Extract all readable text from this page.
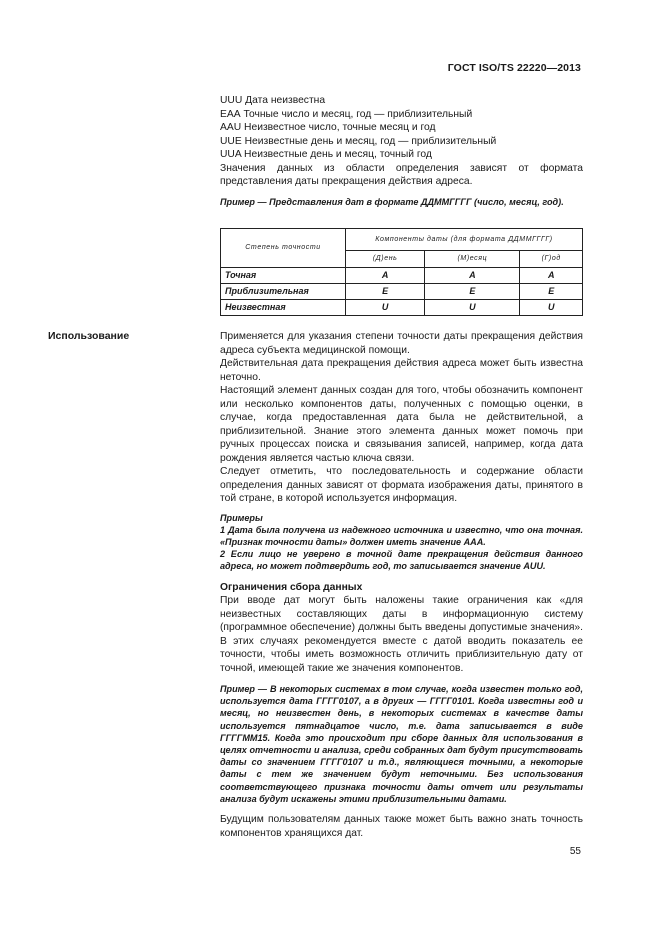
ГОСТ ISO/TS 22220—2013

UUU Дата неизвестна

ЕАА Точные число и месяц, год — приблизительный

AAU Неизвестное число, точные месяц и год

UUE Неизвестные день и месяц, год — приблизительный

UUA Неизвестные день и месяц, точный год

Значения данных из области определения зависят от формата представления даты прекращения действия адреса.

Пример — Представления дат в формате ДДММГГГГ (число, месяц, год).

Степень точности	Компоненты даты (для формата ДДММГГГГ)		
	(Д)ень	(М)есяц	(Г)од
Точная	A	A	A
Приблизительная	E	E	E
Неизвестная	U	U	U
Использование	Применяется для указания степени точности даты прекращения действия адреса субъекта медицинской помощи.

Действительная дата прекращения действия адреса может быть известна неточно.

Настоящий элемент данных создан для того, чтобы обозначить компонент или несколько компонентов даты, полученных с помощью оценки, в случае, когда предоставленная дата была не действительной, а приблизительной. Знание этого элемента данных может помочь при ручных процессах поиска и связывания записей, например, когда дата рождения является частью ключа связи.

Следует отметить, что последовательность и содержание области определения данных зависят от формата изображения даты, принятого в той стране, в которой используется информация.

Примеры

1 Дата была получена из надежного источника и известно, что она точная. «Признак точности даты» должен иметь значение ААА.

2 Если лицо не уверено в точной дате прекращения действия данного адреса, но может подтвердить год, то записывается значение AUU.

Ограничения сбора данных

При вводе дат могут быть наложены такие ограничения как «для неизвестных составляющих даты в информационную систему (программное обеспечение) должны быть введены допустимые значения». В этих случаях рекомендуется вместе с датой вводить показатель ее точности, чтобы иметь возможность отличить приблизительную дату от точной, имеющей такие же значения компонентов.

Пример — В некоторых системах в том случае, когда известен только год, используется дата ГГГГ0107, а в других — ГГГГ0101. Когда известны год и месяц, но неизвестен день, в некоторых системах в качестве даты используется пятнадцатое число, т.е. дата записывается в виде ГГГГММ15. Когда это происходит при сборе данных для использования в целях отчетности и анализа, среди собранных дат будут присутствовать даты со значением ГГГГ0107 и т.д., являющиеся точными, а некоторые даты с тем же значением будут неточными. Без использования соответствующего признака точности даты отчет или результаты анализа будут искажены этими приблизительными датами.

Будущим пользователям данных также может быть важно знать точность компонентов хранящихся дат.

55
